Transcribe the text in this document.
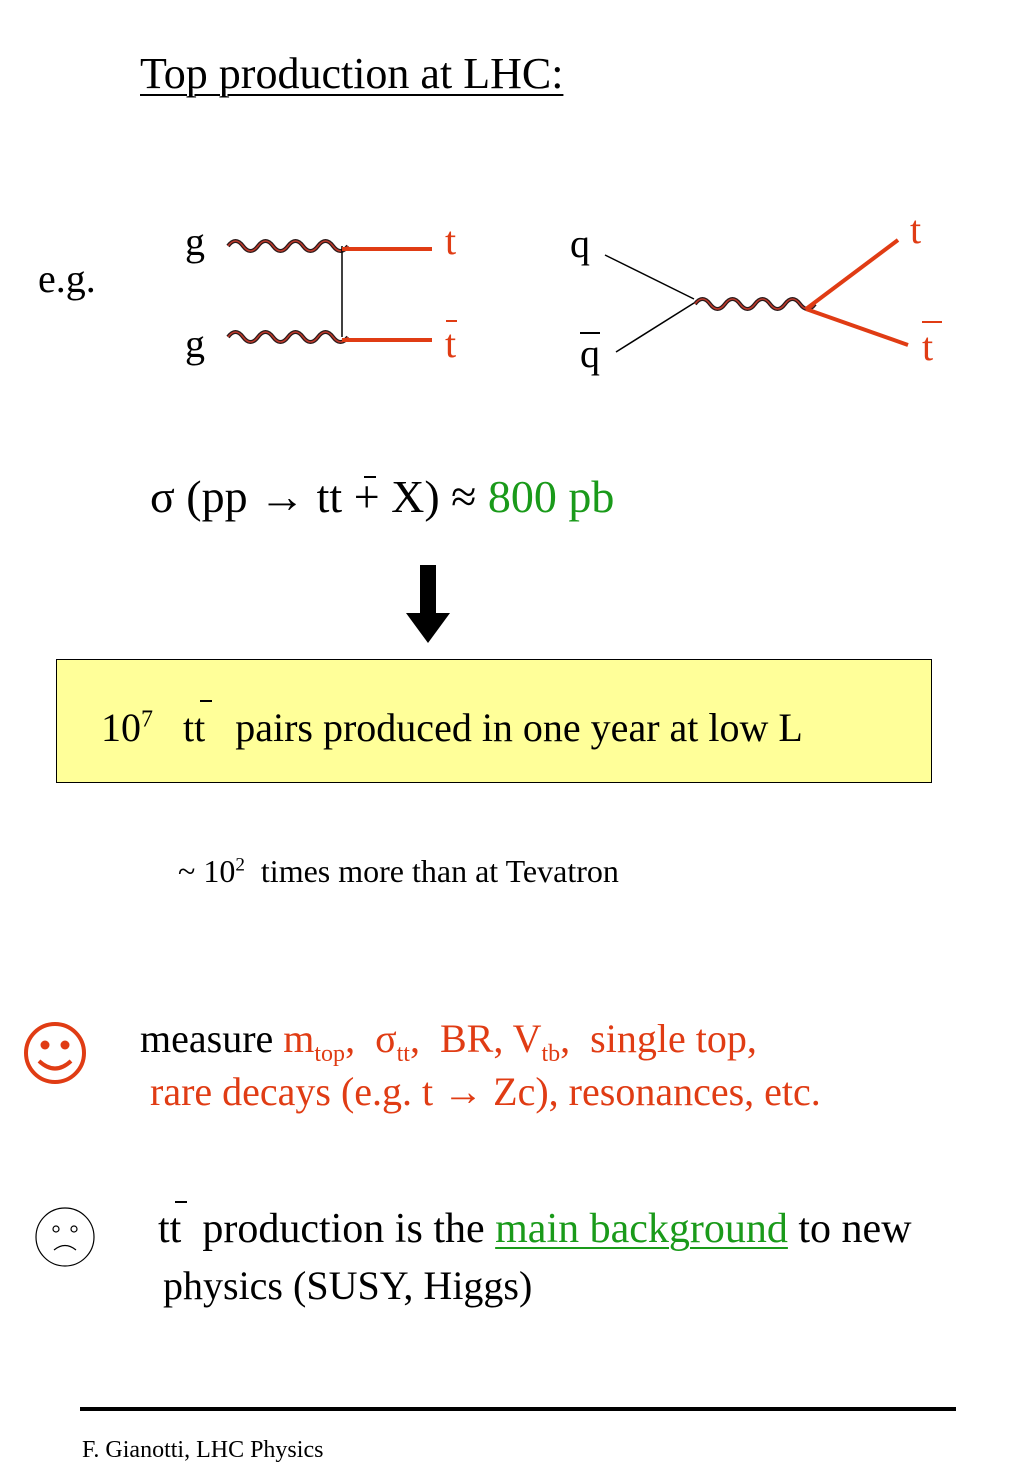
Top production at LHC:
e.g.
g
g
t
t
q
q
t
t
σ (pp → tt + X) ≈ 800 pb
$10^7$ tt pairs produced in one year at low L
~ $10^2$ times more than at Tevatron
measure $m_{top}$,  $\sigma_{tt}$,  BR, $V_{tb}$,  single top,
rare decays (e.g. t → Zc), resonances, etc.
tt production is the main background to new
physics (SUSY, Higgs)
F. Gianotti, LHC Physics
